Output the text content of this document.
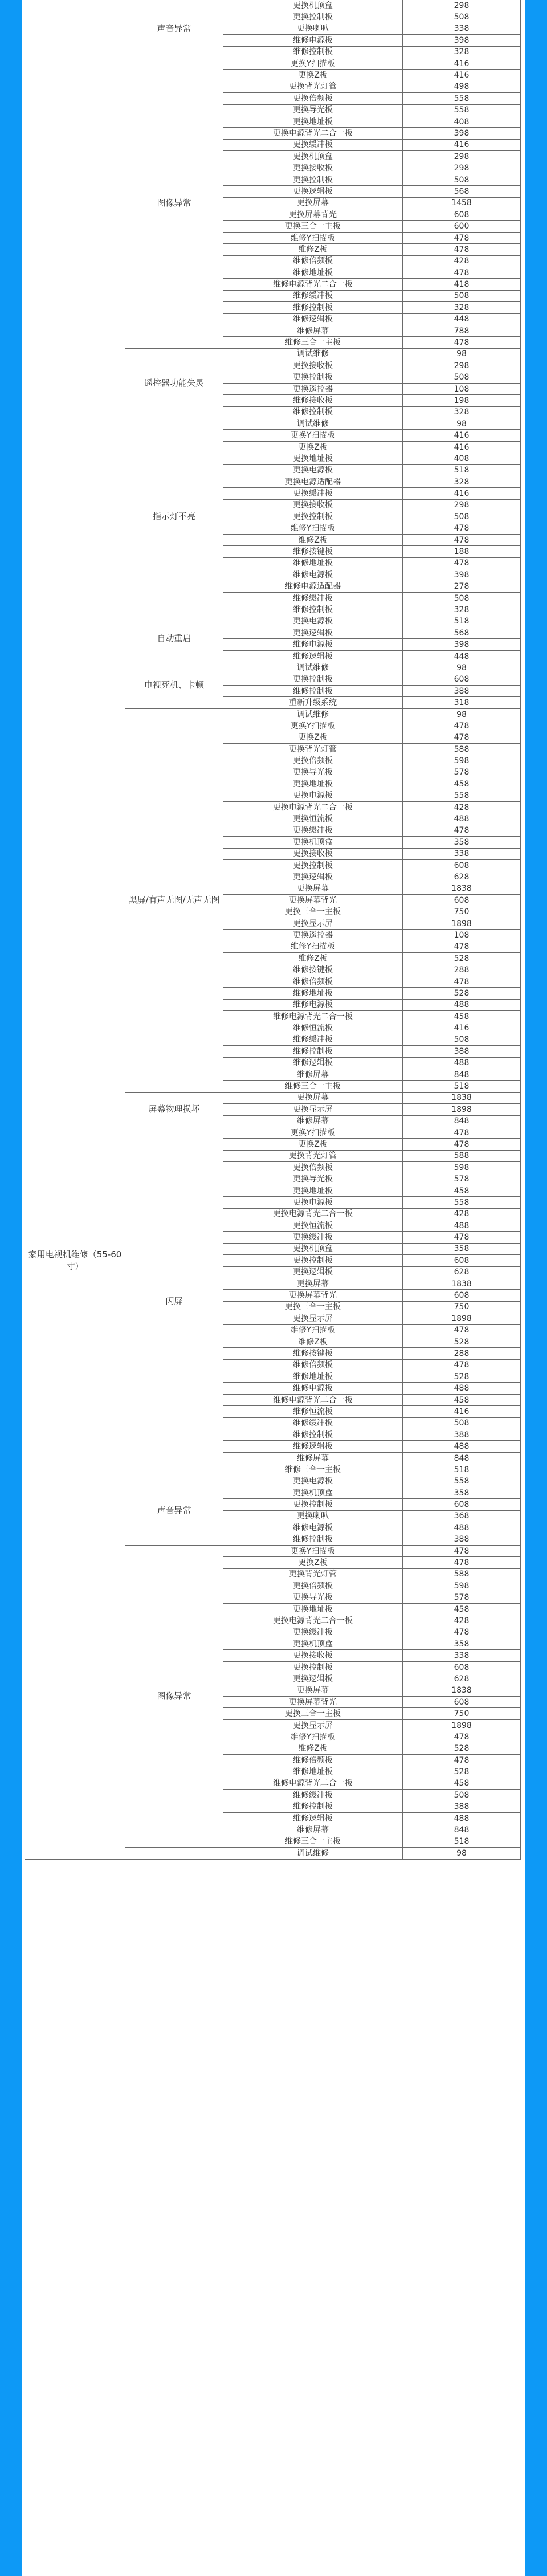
	声音异常	更换机顶盒	298
		更换控制板	508
		更换喇叭	338
		维修电源板	398
		维修控制板	328
	图像异常	更换Y扫描板	416
		更换Z板	416
		更换背光灯管	498
		更换倍频板	558
		更换导光板	558
		更换地址板	408
		更换电源背光二合一板	398
		更换缓冲板	416
		更换机顶盒	298
		更换接收板	298
		更换控制板	508
		更换逻辑板	568
		更换屏幕	1458
		更换屏幕背光	608
		更换三合一主板	600
		维修Y扫描板	478
		维修Z板	478
		维修倍频板	428
		维修地址板	478
		维修电源背光二合一板	418
		维修缓冲板	508
		维修控制板	328
		维修逻辑板	448
		维修屏幕	788
		维修三合一主板	478
	遥控器功能失灵	调试维修	98
		更换接收板	298
		更换控制板	508
		更换遥控器	108
		维修接收板	198
		维修控制板	328
	指示灯不亮	调试维修	98
		更换Y扫描板	416
		更换Z板	416
		更换地址板	408
		更换电源板	518
		更换电源适配器	328
		更换缓冲板	416
		更换接收板	298
		更换控制板	508
		维修Y扫描板	478
		维修Z板	478
		维修按键板	188
		维修地址板	478
		维修电源板	398
		维修电源适配器	278
		维修缓冲板	508
		维修控制板	328
	自动重启	更换电源板	518
		更换逻辑板	568
		维修电源板	398
		维修逻辑板	448
家用电视机维修（55-60寸）	电视死机、卡顿	调试维修	98
		更换控制板	608
		维修控制板	388
		重新升级系统	318
	黑屏/有声无图/无声无图	调试维修	98
		更换Y扫描板	478
		更换Z板	478
		更换背光灯管	588
		更换倍频板	598
		更换导光板	578
		更换地址板	458
		更换电源板	558
		更换电源背光二合一板	428
		更换恒流板	488
		更换缓冲板	478
		更换机顶盒	358
		更换接收板	338
		更换控制板	608
		更换逻辑板	628
		更换屏幕	1838
		更换屏幕背光	608
		更换三合一主板	750
		更换显示屏	1898
		更换遥控器	108
		维修Y扫描板	478
		维修Z板	528
		维修按键板	288
		维修倍频板	478
		维修地址板	528
		维修电源板	488
		维修电源背光二合一板	458
		维修恒流板	416
		维修缓冲板	508
		维修控制板	388
		维修逻辑板	488
		维修屏幕	848
		维修三合一主板	518
	屏幕物理损坏	更换屏幕	1838
		更换显示屏	1898
		维修屏幕	848
	闪屏	更换Y扫描板	478
		更换Z板	478
		更换背光灯管	588
		更换倍频板	598
		更换导光板	578
		更换地址板	458
		更换电源板	558
		更换电源背光二合一板	428
		更换恒流板	488
		更换缓冲板	478
		更换机顶盒	358
		更换控制板	608
		更换逻辑板	628
		更换屏幕	1838
		更换屏幕背光	608
		更换三合一主板	750
		更换显示屏	1898
		维修Y扫描板	478
		维修Z板	528
		维修按键板	288
		维修倍频板	478
		维修地址板	528
		维修电源板	488
		维修电源背光二合一板	458
		维修恒流板	416
		维修缓冲板	508
		维修控制板	388
		维修逻辑板	488
		维修屏幕	848
		维修三合一主板	518
	声音异常	更换电源板	558
		更换机顶盒	358
		更换控制板	608
		更换喇叭	368
		维修电源板	488
		维修控制板	388
	图像异常	更换Y扫描板	478
		更换Z板	478
		更换背光灯管	588
		更换倍频板	598
		更换导光板	578
		更换地址板	458
		更换电源背光二合一板	428
		更换缓冲板	478
		更换机顶盒	358
		更换接收板	338
		更换控制板	608
		更换逻辑板	628
		更换屏幕	1838
		更换屏幕背光	608
		更换三合一主板	750
		更换显示屏	1898
		维修Y扫描板	478
		维修Z板	528
		维修倍频板	478
		维修地址板	528
		维修电源背光二合一板	458
		维修缓冲板	508
		维修控制板	388
		维修逻辑板	488
		维修屏幕	848
		维修三合一主板	518
		调试维修	98
